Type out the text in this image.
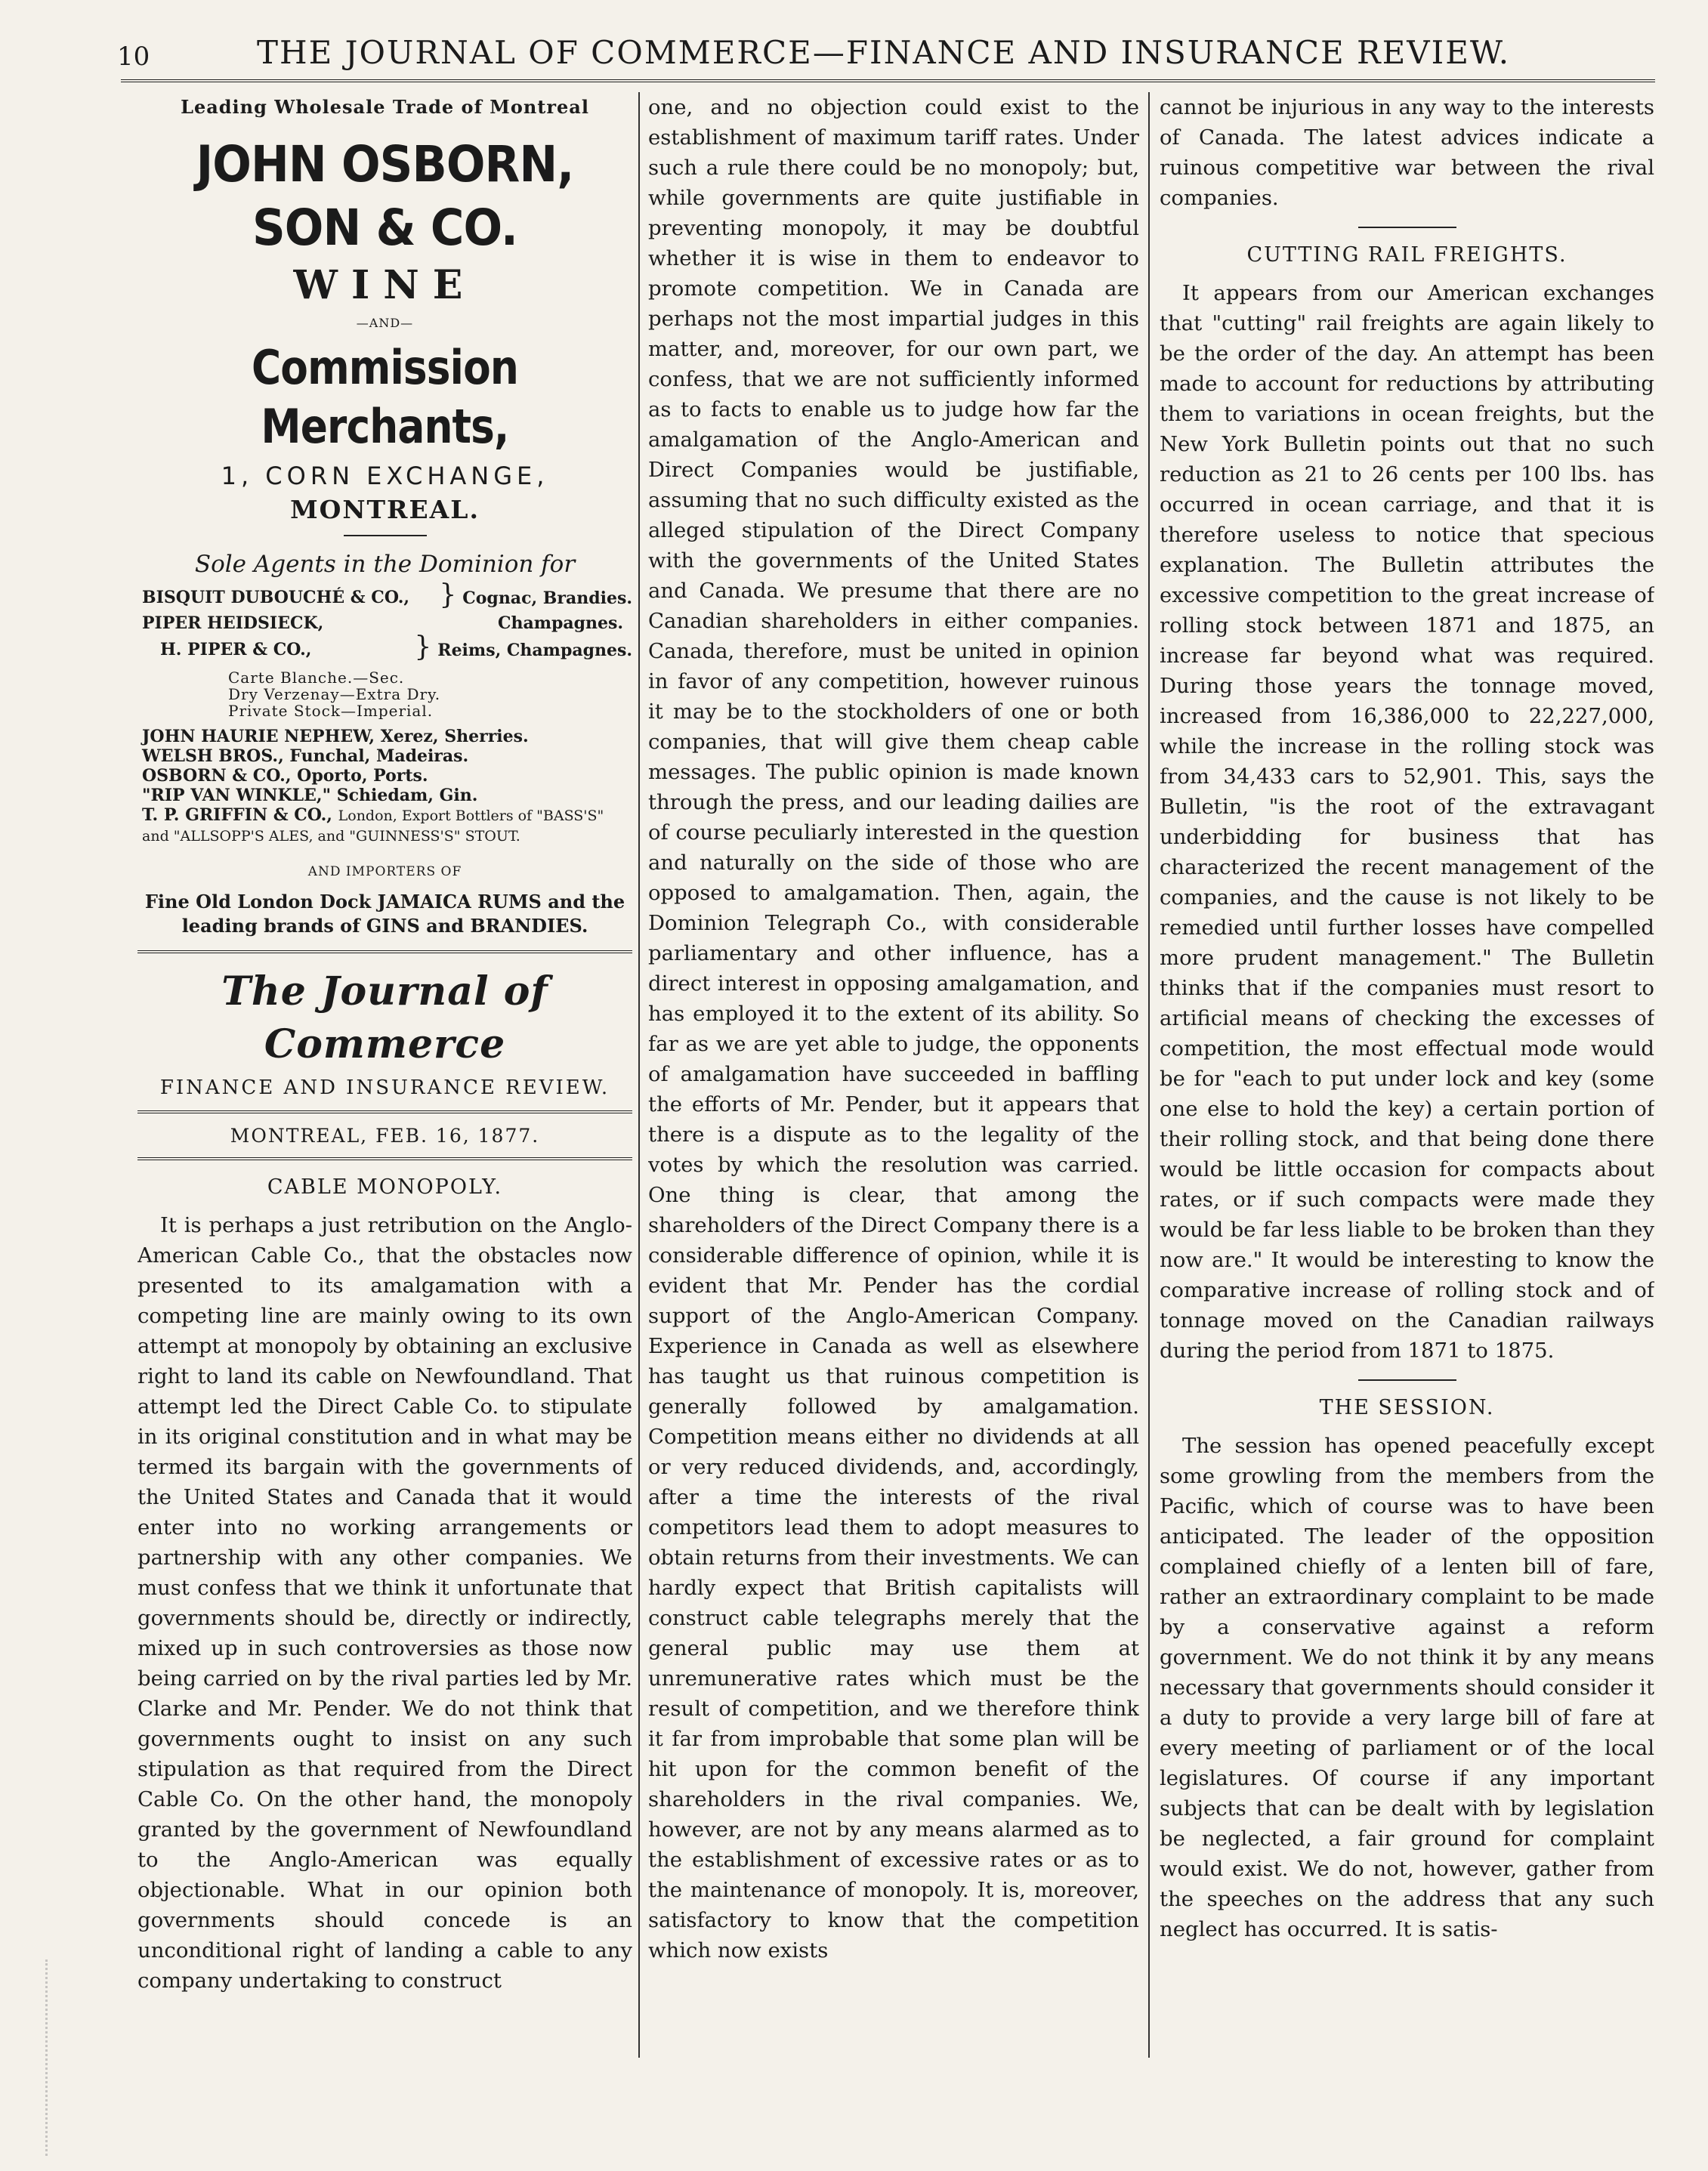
10	THE JOURNAL OF COMMERCE—FINANCE AND INSURANCE REVIEW.
Leading Wholesale Trade of Montreal
JOHN OSBORN, SON & CO.
WINE
—AND—
Commission Merchants,
1, CORN EXCHANGE,
MONTREAL.
Sole Agents in the Dominion for
BISQUIT DUBOUCHÉ & CO., } Cognac, Brandies.
PIPER HEIDSIECK,	Champagnes.
H. PIPER & CO.,	} Reims, Champagnes.
Carte Blanche.—Sec.
Dry Verzenay—Extra Dry.
Private Stock—Imperial.
JOHN HAURIE NEPHEW, Xerez, Sherries.
WELSH BROS., Funchal, Madeiras.
OSBORN & CO., Oporto, Ports.
"RIP VAN WINKLE," Schiedam, Gin.
T. P. GRIFFIN & CO., London, Export Bottlers of "BASS'S" and "ALLSOPP'S ALES, and "GUINNESS'S" STOUT.
AND IMPORTERS OF
Fine Old London Dock JAMAICA RUMS and the leading brands of GINS and BRANDIES.
The Journal of Commerce
FINANCE AND INSURANCE REVIEW.
MONTREAL, FEB. 16, 1877.
CABLE MONOPOLY.

It is perhaps a just retribution on the Anglo-American Cable Co., that the obstacles now presented to its amalgamation with a competing line are mainly owing to its own attempt at monopoly by obtaining an exclusive right to land its cable on Newfoundland. That attempt led the Direct Cable Co. to stipulate in its original constitution and in what may be termed its bargain with the governments of the United States and Canada that it would enter into no working arrangements or partnership with any other companies. We must confess that we think it unfortunate that governments should be, directly or indirectly, mixed up in such controversies as those now being carried on by the rival parties led by Mr. Clarke and Mr. Pender. We do not think that governments ought to insist on any such stipulation as that required from the Direct Cable Co. On the other hand, the monopoly granted by the government of Newfoundland to the Anglo-American was equally objectionable. What in our opinion both governments should concede is an unconditional right of landing a cable to any company undertaking to construct

one, and no objection could exist to the establishment of maximum tariff rates. Under such a rule there could be no monopoly; but, while governments are quite justifiable in preventing monopoly, it may be doubtful whether it is wise in them to endeavor to promote competition. We in Canada are perhaps not the most impartial judges in this matter, and, moreover, for our own part, we confess, that we are not sufficiently informed as to facts to enable us to judge how far the amalgamation of the Anglo-American and Direct Companies would be justifiable, assuming that no such difficulty existed as the alleged stipulation of the Direct Company with the governments of the United States and Canada. We presume that there are no Canadian shareholders in either companies. Canada, therefore, must be united in opinion in favor of any competition, however ruinous it may be to the stockholders of one or both companies, that will give them cheap cable messages. The public opinion is made known through the press, and our leading dailies are of course peculiarly interested in the question and naturally on the side of those who are opposed to amalgamation. Then, again, the Dominion Telegraph Co., with considerable parliamentary and other influence, has a direct interest in opposing amalgamation, and has employed it to the extent of its ability. So far as we are yet able to judge, the opponents of amalgamation have succeeded in baffling the efforts of Mr. Pender, but it appears that there is a dispute as to the legality of the votes by which the resolution was carried. One thing is clear, that among the shareholders of the Direct Company there is a considerable difference of opinion, while it is evident that Mr. Pender has the cordial support of the Anglo-American Company. Experience in Canada as well as elsewhere has taught us that ruinous competition is generally followed by amalgamation. Competition means either no dividends at all or very reduced dividends, and, accordingly, after a time the interests of the rival competitors lead them to adopt measures to obtain returns from their investments. We can hardly expect that British capitalists will construct cable telegraphs merely that the general public may use them at unremunerative rates which must be the result of competition, and we therefore think it far from improbable that some plan will be hit upon for the common benefit of the shareholders in the rival companies. We, however, are not by any means alarmed as to the establishment of excessive rates or as to the maintenance of monopoly. It is, moreover, satisfactory to know that the competition which now exists

cannot be injurious in any way to the interests of Canada. The latest advices indicate a ruinous competitive war between the rival companies.

CUTTING RAIL FREIGHTS.

It appears from our American exchanges that "cutting" rail freights are again likely to be the order of the day. An attempt has been made to account for reductions by attributing them to variations in ocean freights, but the New York Bulletin points out that no such reduction as 21 to 26 cents per 100 lbs. has occurred in ocean carriage, and that it is therefore useless to notice that specious explanation. The Bulletin attributes the excessive competition to the great increase of rolling stock between 1871 and 1875, an increase far beyond what was required. During those years the tonnage moved, increased from 16,386,000 to 22,227,000, while the increase in the rolling stock was from 34,433 cars to 52,901. This, says the Bulletin, "is the root of the extravagant underbidding for business that has characterized the recent management of the companies, and the cause is not likely to be remedied until further losses have compelled more prudent management." The Bulletin thinks that if the companies must resort to artificial means of checking the excesses of competition, the most effectual mode would be for "each to put under lock and key (some one else to hold the key) a certain portion of their rolling stock, and that being done there would be little occasion for compacts about rates, or if such compacts were made they would be far less liable to be broken than they now are." It would be interesting to know the comparative increase of rolling stock and of tonnage moved on the Canadian railways during the period from 1871 to 1875.

THE SESSION.

The session has opened peacefully except some growling from the members from the Pacific, which of course was to have been anticipated. The leader of the opposition complained chiefly of a lenten bill of fare, rather an extraordinary complaint to be made by a conservative against a reform government. We do not think it by any means necessary that governments should consider it a duty to provide a very large bill of fare at every meeting of parliament or of the local legislatures. Of course if any important subjects that can be dealt with by legislation be neglected, a fair ground for complaint would exist. We do not, however, gather from the speeches on the address that any such neglect has occurred. It is satis-
